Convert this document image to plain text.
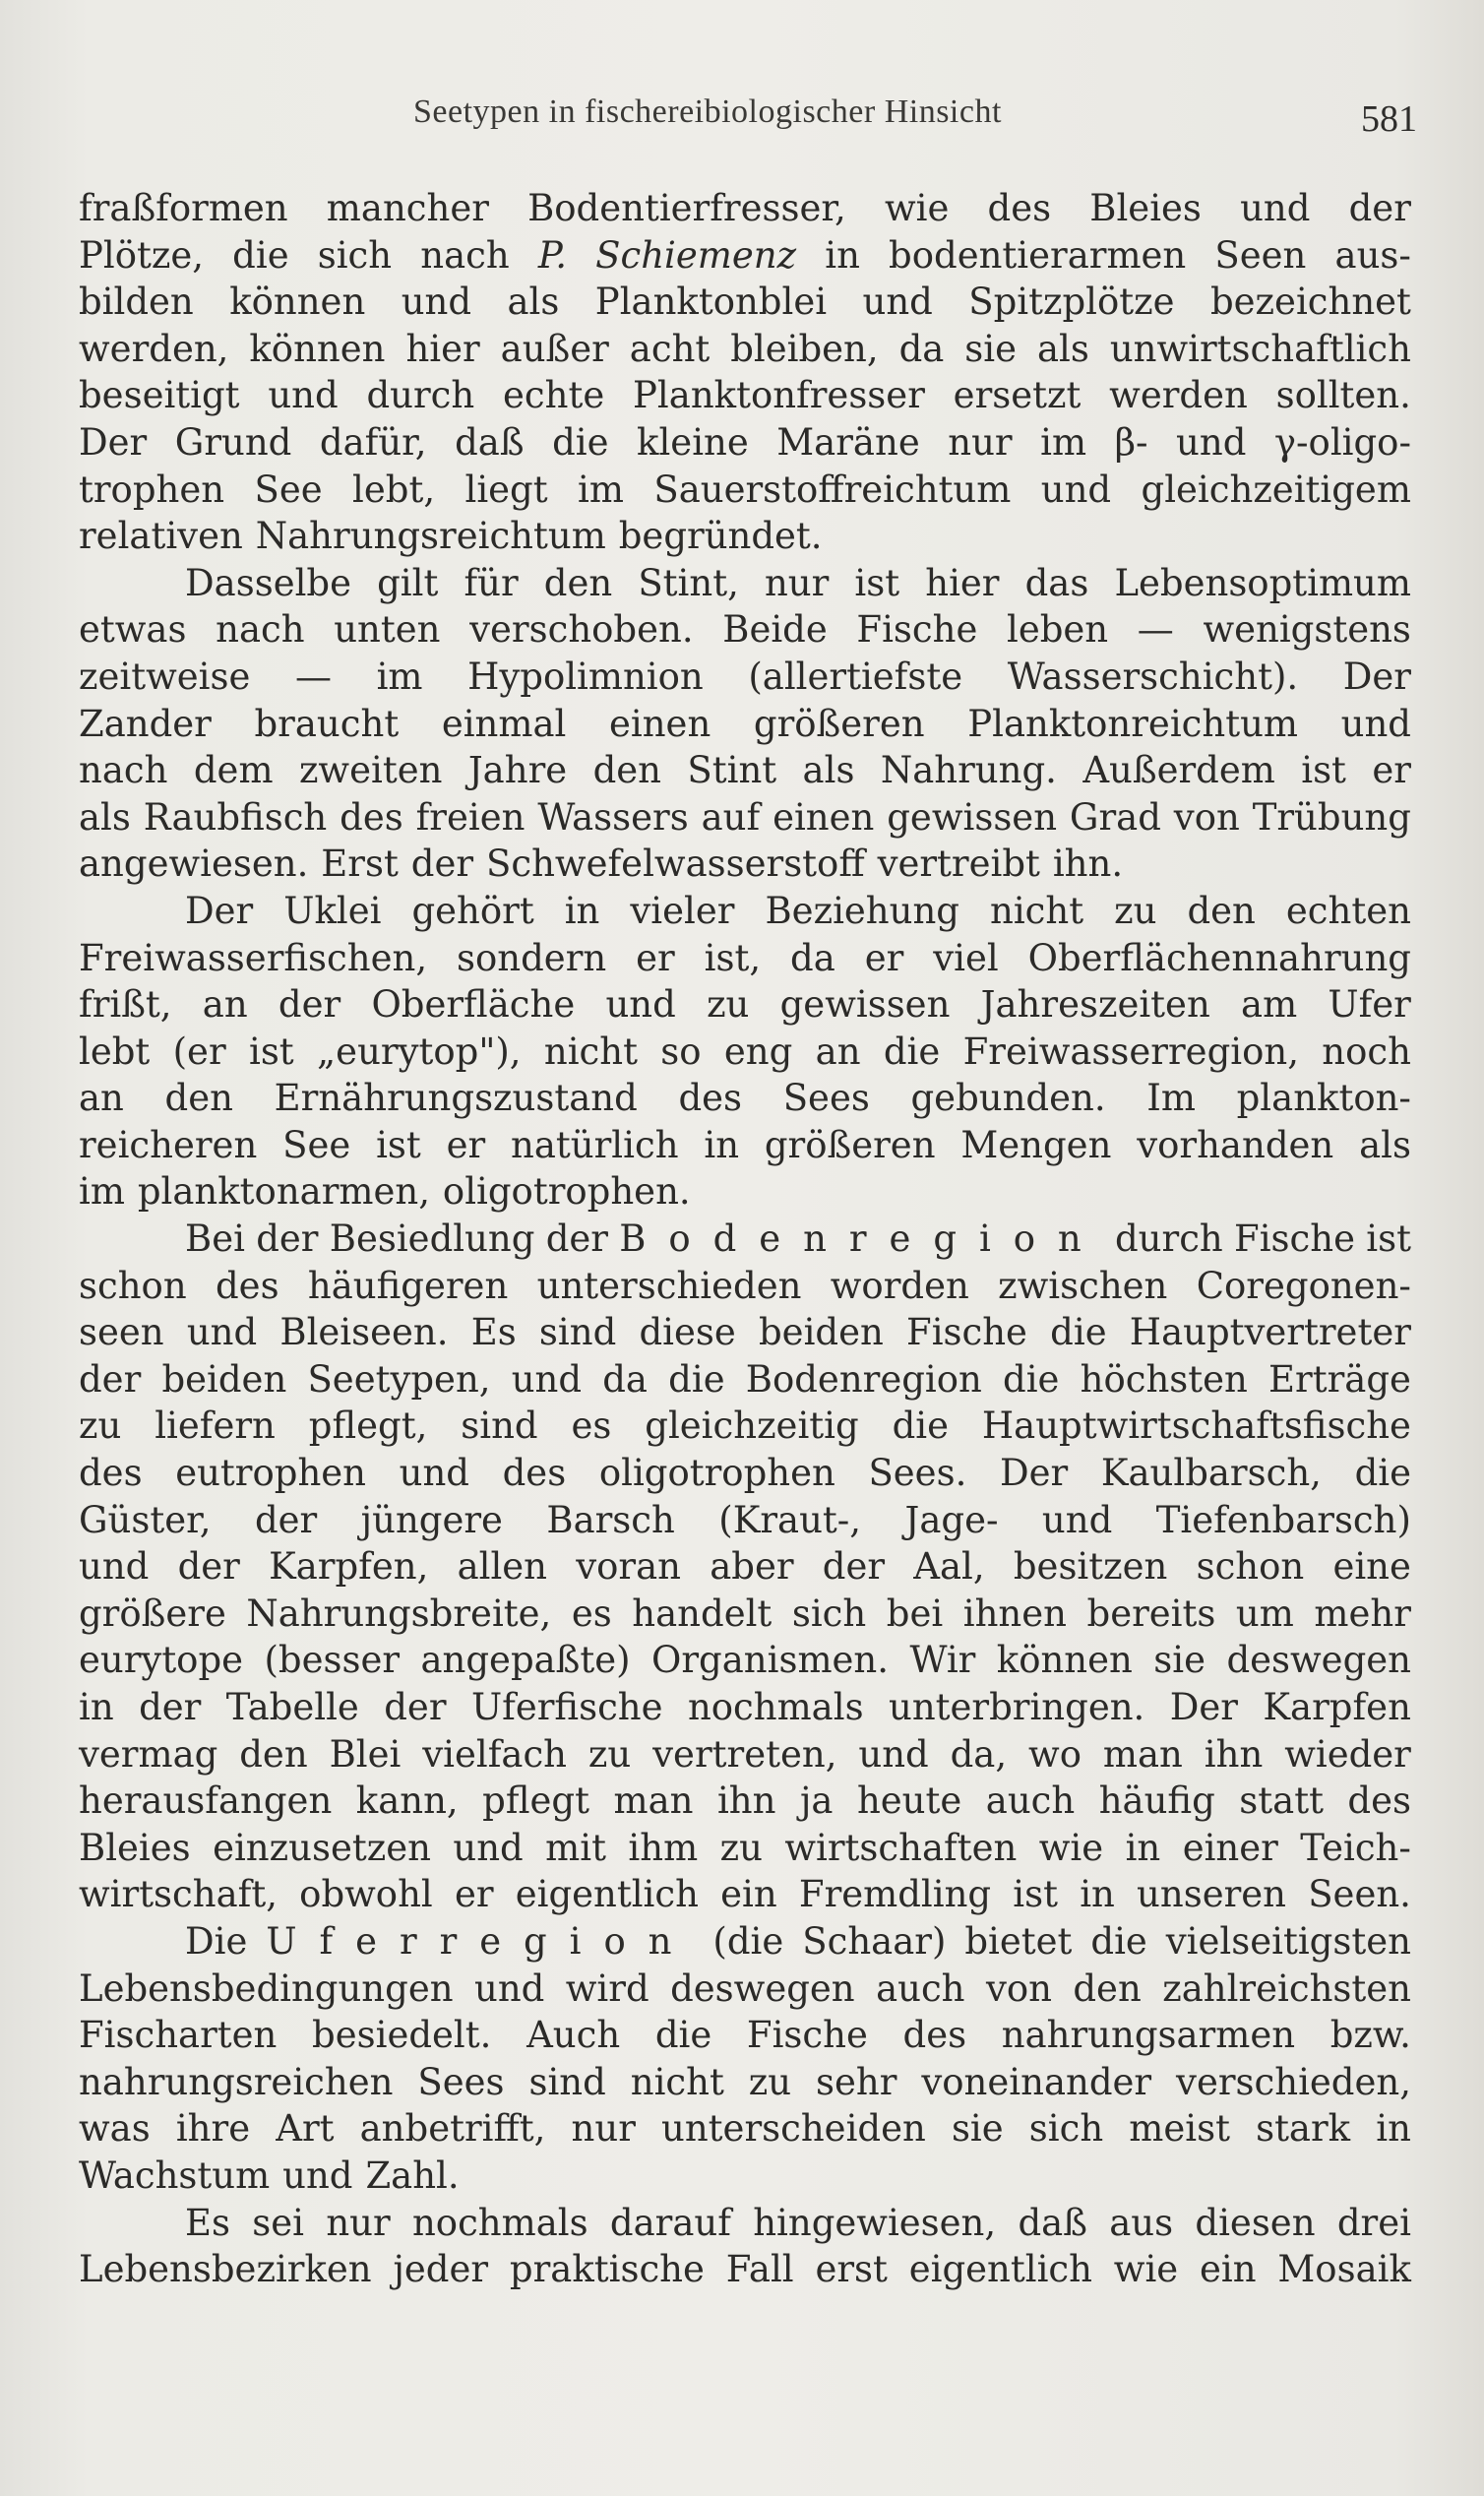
Seetypen in fischereibiologischer Hinsicht	581
fraßformen mancher Bodentierfresser, wie des Bleies und der
Plötze, die sich nach P. Schiemenz in bodentierarmen Seen aus-
bilden können und als Planktonblei und Spitzplötze bezeichnet
werden, können hier außer acht bleiben, da sie als unwirtschaftlich
beseitigt und durch echte Planktonfresser ersetzt werden sollten.
Der Grund dafür, daß die kleine Maräne nur im β- und γ-oligo-
trophen See lebt, liegt im Sauerstoffreichtum und gleichzeitigem
relativen Nahrungsreichtum begründet.
Dasselbe gilt für den Stint, nur ist hier das Lebensoptimum
etwas nach unten verschoben. Beide Fische leben — wenigstens
zeitweise — im Hypolimnion (allertiefste Wasserschicht). Der
Zander braucht einmal einen größeren Planktonreichtum und
nach dem zweiten Jahre den Stint als Nahrung. Außerdem ist er
als Raubfisch des freien Wassers auf einen gewissen Grad von Trübung
angewiesen. Erst der Schwefelwasserstoff vertreibt ihn.
Der Uklei gehört in vieler Beziehung nicht zu den echten
Freiwasserfischen, sondern er ist, da er viel Oberflächennahrung
frißt, an der Oberfläche und zu gewissen Jahreszeiten am Ufer
lebt (er ist „eurytop"), nicht so eng an die Freiwasserregion, noch
an den Ernährungszustand des Sees gebunden. Im plankton-
reicheren See ist er natürlich in größeren Mengen vorhanden als
im planktonarmen, oligotrophen.
Bei der Besiedlung der Bodenregion durch Fische ist
schon des häufigeren unterschieden worden zwischen Coregonen-
seen und Bleiseen. Es sind diese beiden Fische die Hauptvertreter
der beiden Seetypen, und da die Bodenregion die höchsten Erträge
zu liefern pflegt, sind es gleichzeitig die Hauptwirtschaftsfische
des eutrophen und des oligotrophen Sees. Der Kaulbarsch, die
Güster, der jüngere Barsch (Kraut-, Jage- und Tiefenbarsch)
und der Karpfen, allen voran aber der Aal, besitzen schon eine
größere Nahrungsbreite, es handelt sich bei ihnen bereits um mehr
eurytope (besser angepaßte) Organismen. Wir können sie deswegen
in der Tabelle der Uferfische nochmals unterbringen. Der Karpfen
vermag den Blei vielfach zu vertreten, und da, wo man ihn wieder
herausfangen kann, pflegt man ihn ja heute auch häufig statt des
Bleies einzusetzen und mit ihm zu wirtschaften wie in einer Teich-
wirtschaft, obwohl er eigentlich ein Fremdling ist in unseren Seen.
Die Uferregion (die Schaar) bietet die vielseitigsten
Lebensbedingungen und wird deswegen auch von den zahlreichsten
Fischarten besiedelt. Auch die Fische des nahrungsarmen bzw.
nahrungsreichen Sees sind nicht zu sehr voneinander verschieden,
was ihre Art anbetrifft, nur unterscheiden sie sich meist stark in
Wachstum und Zahl.
Es sei nur nochmals darauf hingewiesen, daß aus diesen drei
Lebensbezirken jeder praktische Fall erst eigentlich wie ein Mosaik
